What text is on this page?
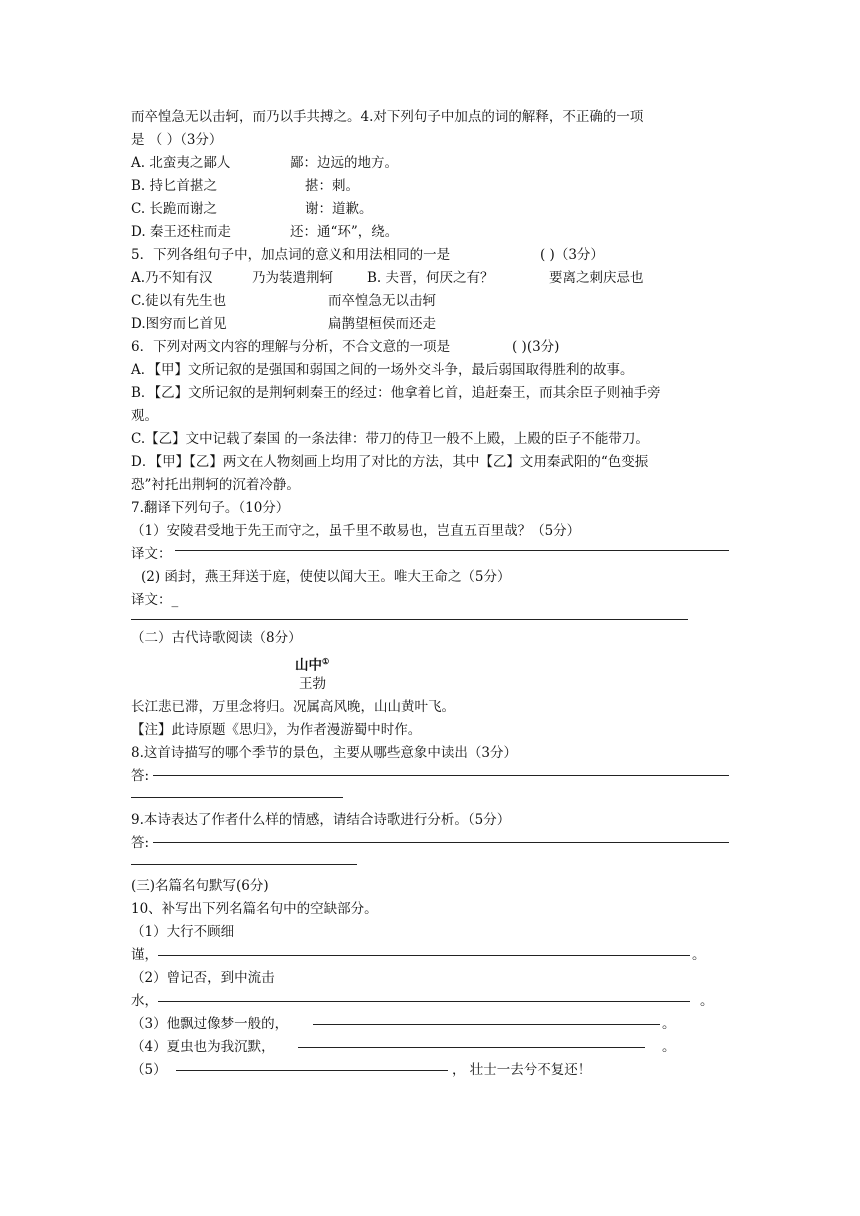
而卒惶急无以击轲，而乃以手共搏之。4.对下列句子中加点的词的解释，不正确的一项
是 （ ）（3分）
A. 北蛮夷之鄙人	鄙：边远的地方。
B. 持匕首揕之	揕：刺。
C. 长跪而谢之	谢：道歉。
D. 秦王还柱而走	还：通“环”，绕。
5．下列各组句子中，加点词的意义和用法相同的一是	( )（3分）
A.乃不知有汉	乃为装遣荆轲	B. 夫晋，何厌之有？	要离之刺庆忌也
C.徒以有先生也	而卒惶急无以击轲
D.图穷而匕首见	扁鹊望桓侯而还走
6．下列对两文内容的理解与分析，不合文意的一项是	( )(3分)
A．【甲】文所记叙的是强国和弱国之间的一场外交斗争，最后弱国取得胜利的故事。
B．【乙】文所记叙的是荆轲刺秦王的经过：他拿着匕首，追赶秦王，而其余臣子则袖手旁
观。
C.【乙】文中记载了秦国 的一条法律：带刀的侍卫一般不上殿，上殿的臣子不能带刀。
D．【甲】【乙】两文在人物刻画上均用了对比的方法，其中【乙】文用秦武阳的“色变振
恐”衬托出荆轲的沉着冷静。
7.翻译下列句子。（10分）
（1）安陵君受地于先王而守之，虽千里不敢易也，岂直五百里哉？（5分）
译文：
(2) 函封，燕王拜送于庭，使使以闻大王。唯大王命之（5分）
译文：_
（二）古代诗歌阅读（8分）
山中①
王勃
长江悲已滞，万里念将归。况属高风晚，山山黄叶飞。
【注】此诗原题《思归》，为作者漫游蜀中时作。
8.这首诗描写的哪个季节的景色，主要从哪些意象中读出（3分）
答:
9.本诗表达了作者什么样的情感，请结合诗歌进行分析。（5分）
答:
(三)名篇名句默写(6分)
10、补写出下列名篇名句中的空缺部分。
（1）大行不顾细
谨，	。
（2）曾记否，到中流击
水，	。
（3）他飘过像梦一般的，	。
（4）夏虫也为我沉默，	。
（5）	， 壮士一去兮不复还！
